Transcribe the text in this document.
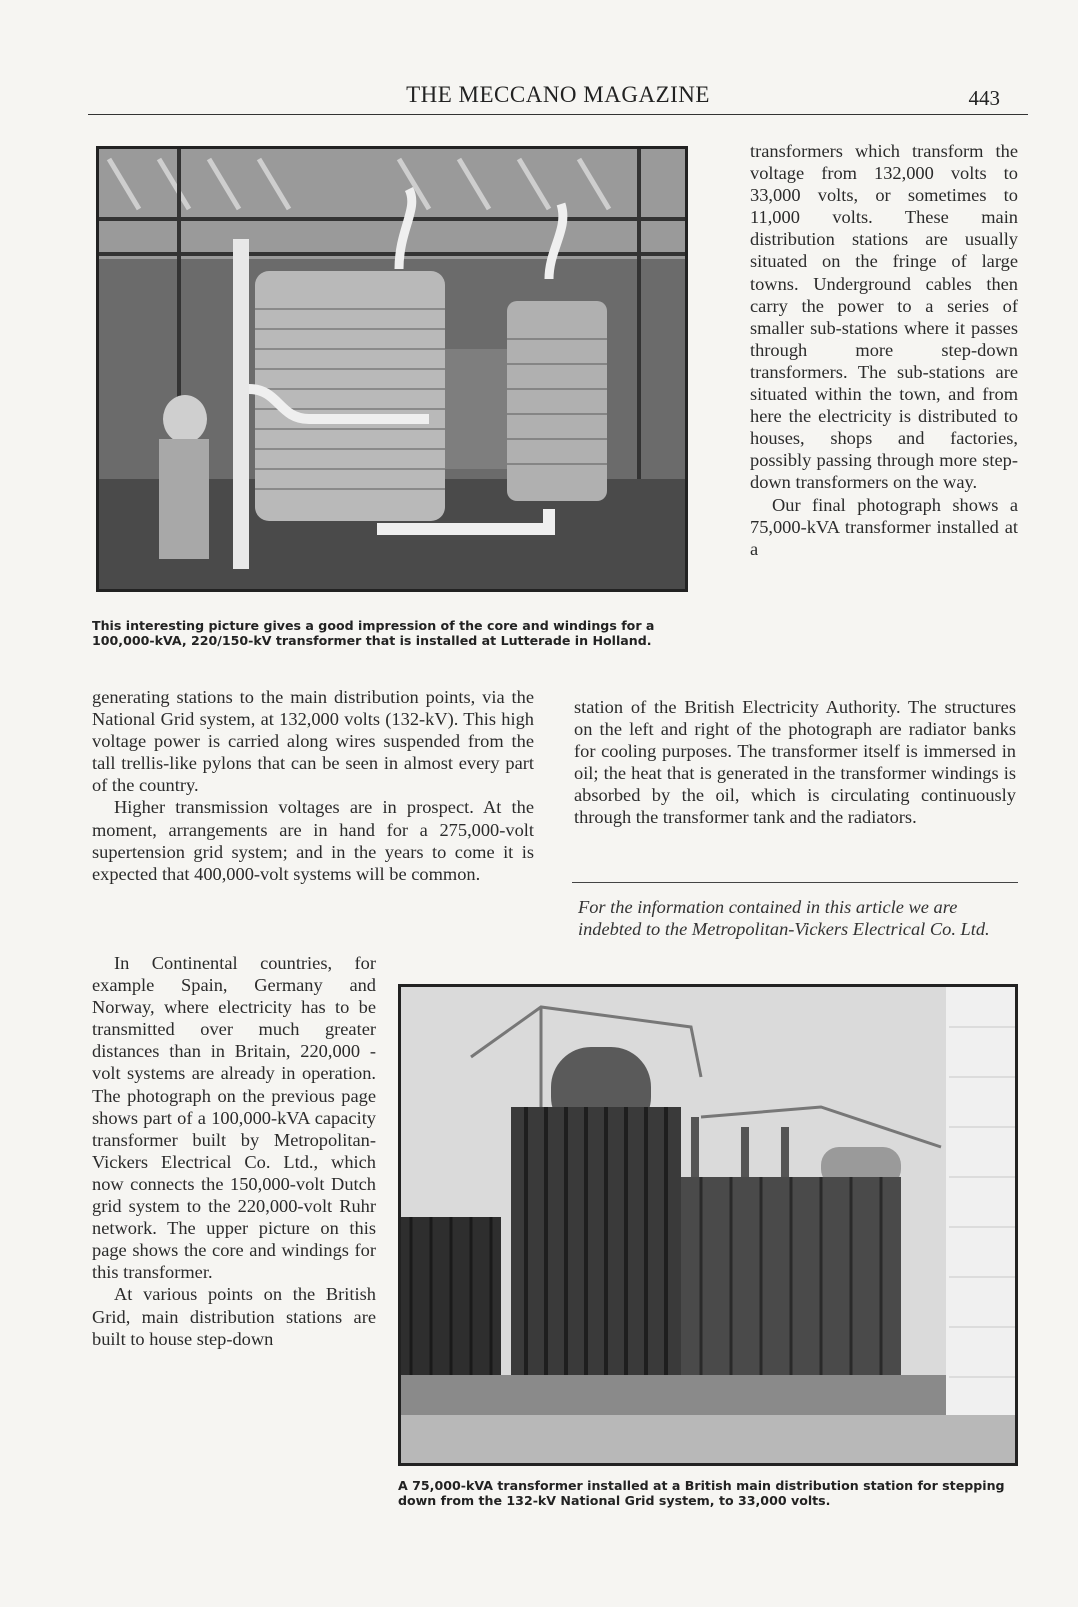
THE MECCANO MAGAZINE	443

This interesting picture gives a good impression of the core and windings for a 100,000-kVA, 220/150-kV transformer that is installed at Lutterade in Holland.

transformers which transform the voltage from 132,000 volts to 33,000 volts, or sometimes to 11,000 volts. These main distribution stations are usually situated on the fringe of large towns. Underground cables then carry the power to a series of smaller sub-stations where it passes through more step-down transformers. The sub-stations are situated within the town, and from here the electricity is distributed to houses, shops and factories, possibly passing through more step-down transformers on the way.

Our final photograph shows a 75,000-kVA transformer installed at a

station of the British Electricity Authority. The structures on the left and right of the photograph are radiator banks for cooling purposes. The transformer itself is immersed in oil; the heat that is generated in the transformer windings is absorbed by the oil, which is circulating continuously through the transformer tank and the radiators.

For the information contained in this article we are indebted to the Metropolitan-Vickers Electrical Co. Ltd.

generating stations to the main distribution points, via the National Grid system, at 132,000 volts (132-kV). This high voltage power is carried along wires suspended from the tall trellis-like pylons that can be seen in almost every part of the country.

Higher transmission voltages are in prospect. At the moment, arrangements are in hand for a 275,000-volt supertension grid system; and in the years to come it is expected that 400,000-volt systems will be common.

In Continental countries, for example Spain, Germany and Norway, where electricity has to be transmitted over much greater distances than in Britain, 220,000 - volt systems are already in operation. The photograph on the previous page shows part of a 100,000-kVA capacity transformer built by Metropolitan-Vickers Electrical Co. Ltd., which now connects the 150,000-volt Dutch grid system to the 220,000-volt Ruhr network. The upper picture on this page shows the core and windings for this transformer.

At various points on the British Grid, main distribution stations are built to house step-down

A 75,000-kVA transformer installed at a British main distribution station for stepping down from the 132-kV National Grid system, to 33,000 volts.
